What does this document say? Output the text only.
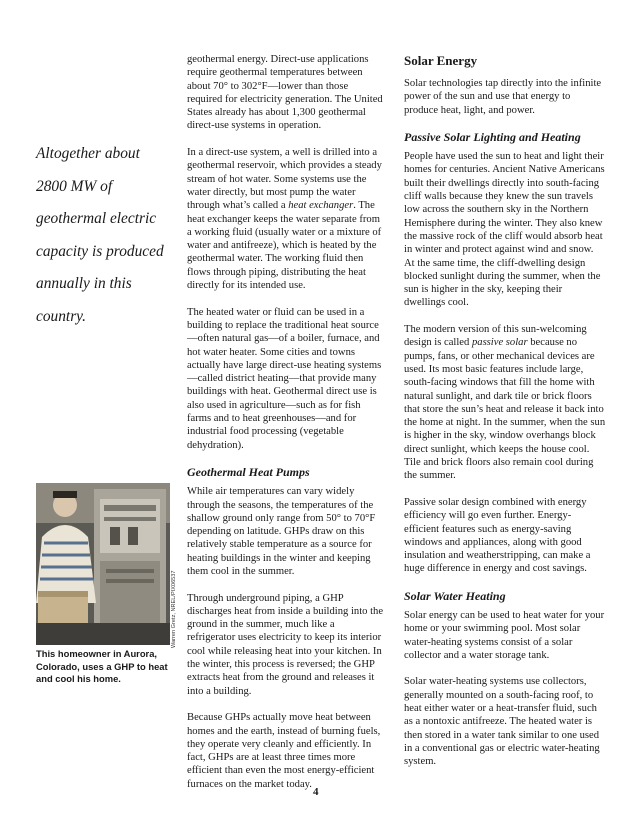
Altogether about 2800 MW of geothermal electric capacity is produced annually in this country.

Warren Gretz, NREL/PIX06537

This homeowner in Aurora, Colorado, uses a GHP to heat and cool his home.

geothermal energy. Direct-use applications require geothermal temperatures between about 70° to 302°F—lower than those required for electricity generation. The United States already has about 1,300 geothermal direct-use systems in operation.

In a direct-use system, a well is drilled into a geothermal reservoir, which provides a steady stream of hot water. Some systems use the water directly, but most pump the water through what’s called a heat exchanger. The heat exchanger keeps the water separate from a working fluid (usually water or a mixture of water and antifreeze), which is heated by the geothermal water. The working fluid then flows through piping, distributing the heat directly for its intended use.

The heated water or fluid can be used in a building to replace the traditional heat source—often natural gas—of a boiler, furnace, and hot water heater. Some cities and towns actually have large direct-use heating systems—called district heating—that provide many buildings with heat. Geothermal direct use is also used in agriculture—such as for fish farms and to heat greenhouses—and for industrial food processing (vegetable dehydration).

Geothermal Heat Pumps

While air temperatures can vary widely through the seasons, the temperatures of the shallow ground only range from 50° to 70°F depending on latitude. GHPs draw on this relatively stable temperature as a source for heating buildings in the winter and keeping them cool in the summer.

Through underground piping, a GHP discharges heat from inside a building into the ground in the summer, much like a refrigerator uses electricity to keep its interior cool while releasing heat into your kitchen. In the winter, this process is reversed; the GHP extracts heat from the ground and releases it into a building.

Because GHPs actually move heat between homes and the earth, instead of burning fuels, they operate very cleanly and efficiently. In fact, GHPs are at least three times more efficient than even the most energy-efficient furnaces on the market today.

Solar Energy

Solar technologies tap directly into the infinite power of the sun and use that energy to produce heat, light, and power.

Passive Solar Lighting and Heating

People have used the sun to heat and light their homes for centuries. Ancient Native Americans built their dwellings directly into south-facing cliff walls because they knew the sun travels low across the southern sky in the Northern Hemisphere during the winter. They also knew the massive rock of the cliff would absorb heat in winter and protect against wind and snow. At the same time, the cliff-dwelling design blocked sunlight during the summer, when the sun is higher in the sky, keeping their dwellings cool.

The modern version of this sun-welcoming design is called passive solar because no pumps, fans, or other mechanical devices are used. Its most basic features include large, south-facing windows that fill the home with natural sunlight, and dark tile or brick floors that store the sun’s heat and release it back into the home at night. In the summer, when the sun is higher in the sky, window overhangs block direct sunlight, which keeps the house cool. Tile and brick floors also remain cool during the summer.

Passive solar design combined with energy efficiency will go even further. Energy-efficient features such as energy-saving windows and appliances, along with good insulation and weatherstripping, can make a huge difference in energy and cost savings.

Solar Water Heating

Solar energy can be used to heat water for your home or your swimming pool. Most solar water-heating systems consist of a solar collector and a water storage tank.

Solar water-heating systems use collectors, generally mounted on a south-facing roof, to heat either water or a heat-transfer fluid, such as a nontoxic antifreeze. The heated water is then stored in a water tank similar to one used in a conventional gas or electric water-heating system.

4
